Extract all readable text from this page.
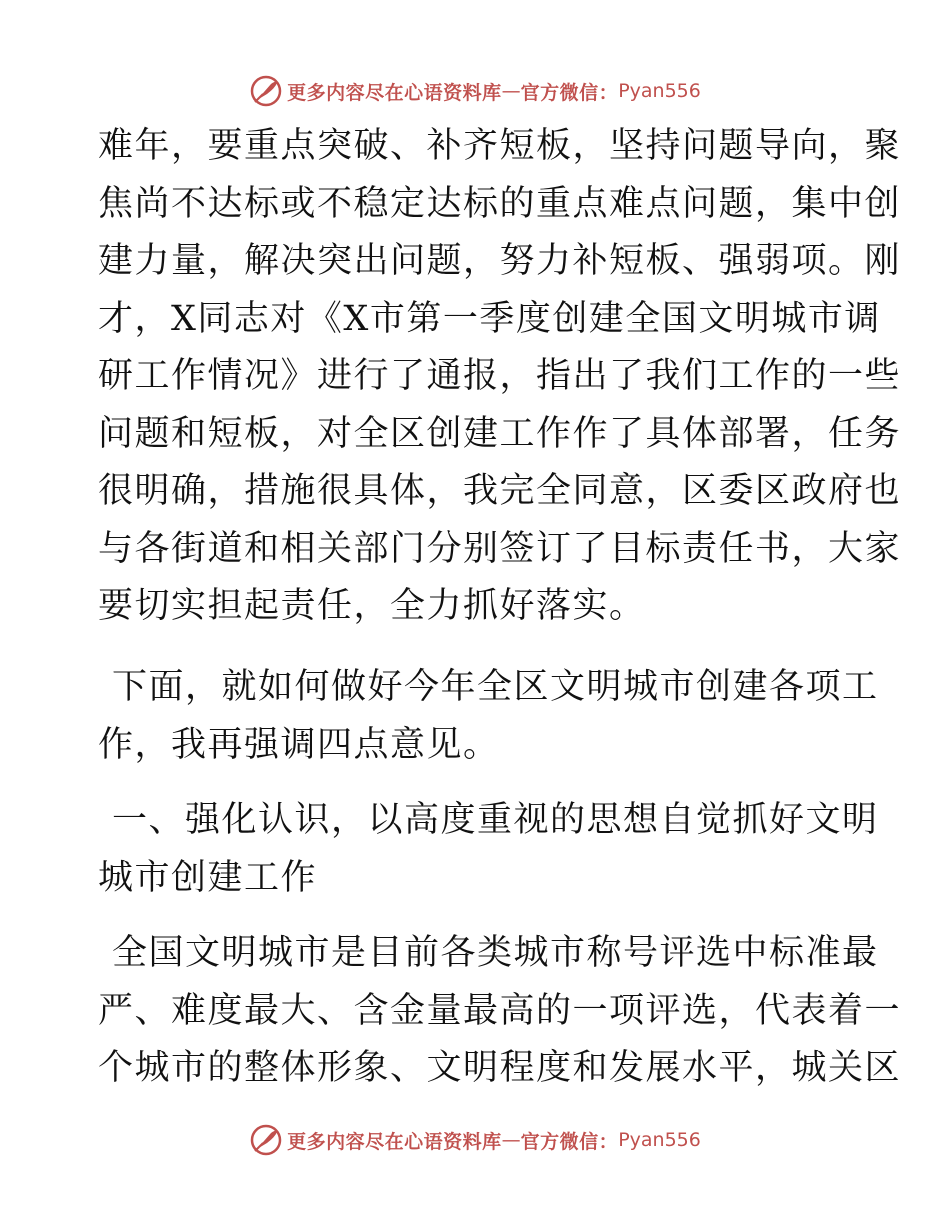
更多内容尽在心语资料库 — 官方微信： Pyan556
难年，要重点突破、补齐短板，坚持问题导向，聚
焦尚不达标或不稳定达标的重点难点问题，集中创
建力量，解决突出问题，努力补短板、强弱项。刚
才，X同志对《X市第一季度创建全国文明城市调
研工作情况》进行了通报，指出了我们工作的一些
问题和短板，对全区创建工作作了具体部署，任务
很明确，措施很具体，我完全同意，区委区政府也
与各街道和相关部门分别签订了目标责任书，大家
要切实担起责任，全力抓好落实。
下面，就如何做好今年全区文明城市创建各项工
作，我再强调四点意见。
一、强化认识，以高度重视的思想自觉抓好文明
城市创建工作
全国文明城市是目前各类城市称号评选中标准最
严、难度最大、含金量最高的一项评选，代表着一
个城市的整体形象、文明程度和发展水平，城关区
更多内容尽在心语资料库 — 官方微信： Pyan556
